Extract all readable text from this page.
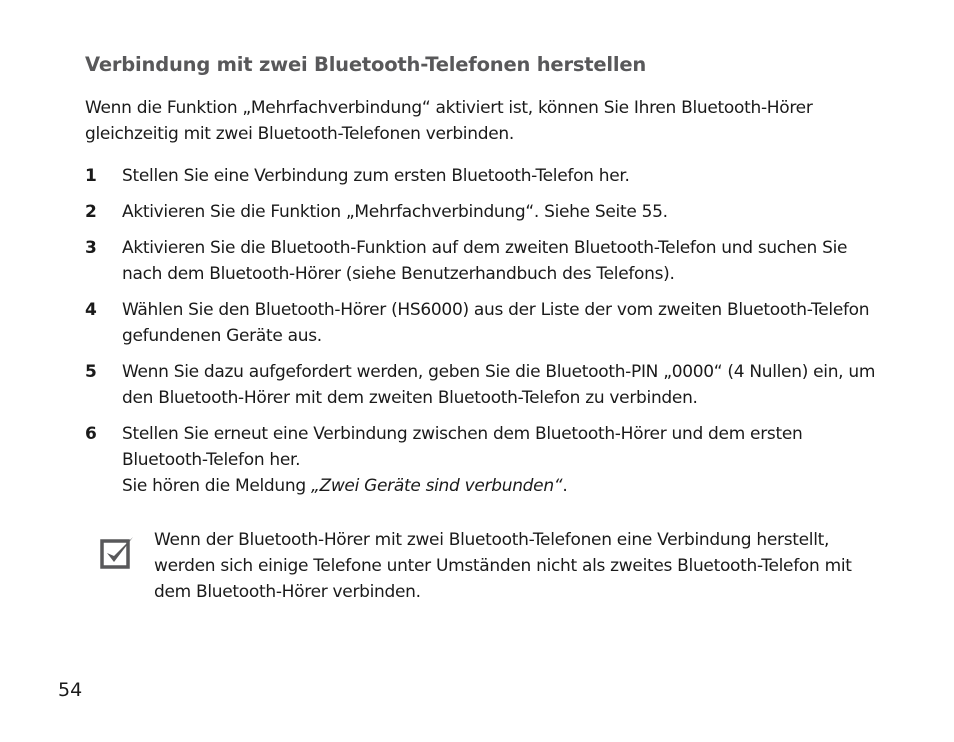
Verbindung mit zwei Bluetooth-Telefonen herstellen
Wenn die Funktion „Mehrfachverbindung“ aktiviert ist, können Sie Ihren Bluetooth-Hörer gleichzeitig mit zwei Bluetooth-Telefonen verbinden.
1 Stellen Sie eine Verbindung zum ersten Bluetooth-Telefon her.
2 Aktivieren Sie die Funktion „Mehrfachverbindung“. Siehe Seite 55.
3 Aktivieren Sie die Bluetooth-Funktion auf dem zweiten Bluetooth-Telefon und suchen Sie nach dem Bluetooth-Hörer (siehe Benutzerhandbuch des Telefons).
4 Wählen Sie den Bluetooth-Hörer (HS6000) aus der Liste der vom zweiten Bluetooth-Telefon gefundenen Geräte aus.
5 Wenn Sie dazu aufgefordert werden, geben Sie die Bluetooth-PIN „0000“ (4 Nullen) ein, um den Bluetooth-Hörer mit dem zweiten Bluetooth-Telefon zu verbinden.
6 Stellen Sie erneut eine Verbindung zwischen dem Bluetooth-Hörer und dem ersten Bluetooth-Telefon her.
Sie hören die Meldung „Zwei Geräte sind verbunden“.
Wenn der Bluetooth-Hörer mit zwei Bluetooth-Telefonen eine Verbindung herstellt, werden sich einige Telefone unter Umständen nicht als zweites Bluetooth-Telefon mit dem Bluetooth-Hörer verbinden.
54
